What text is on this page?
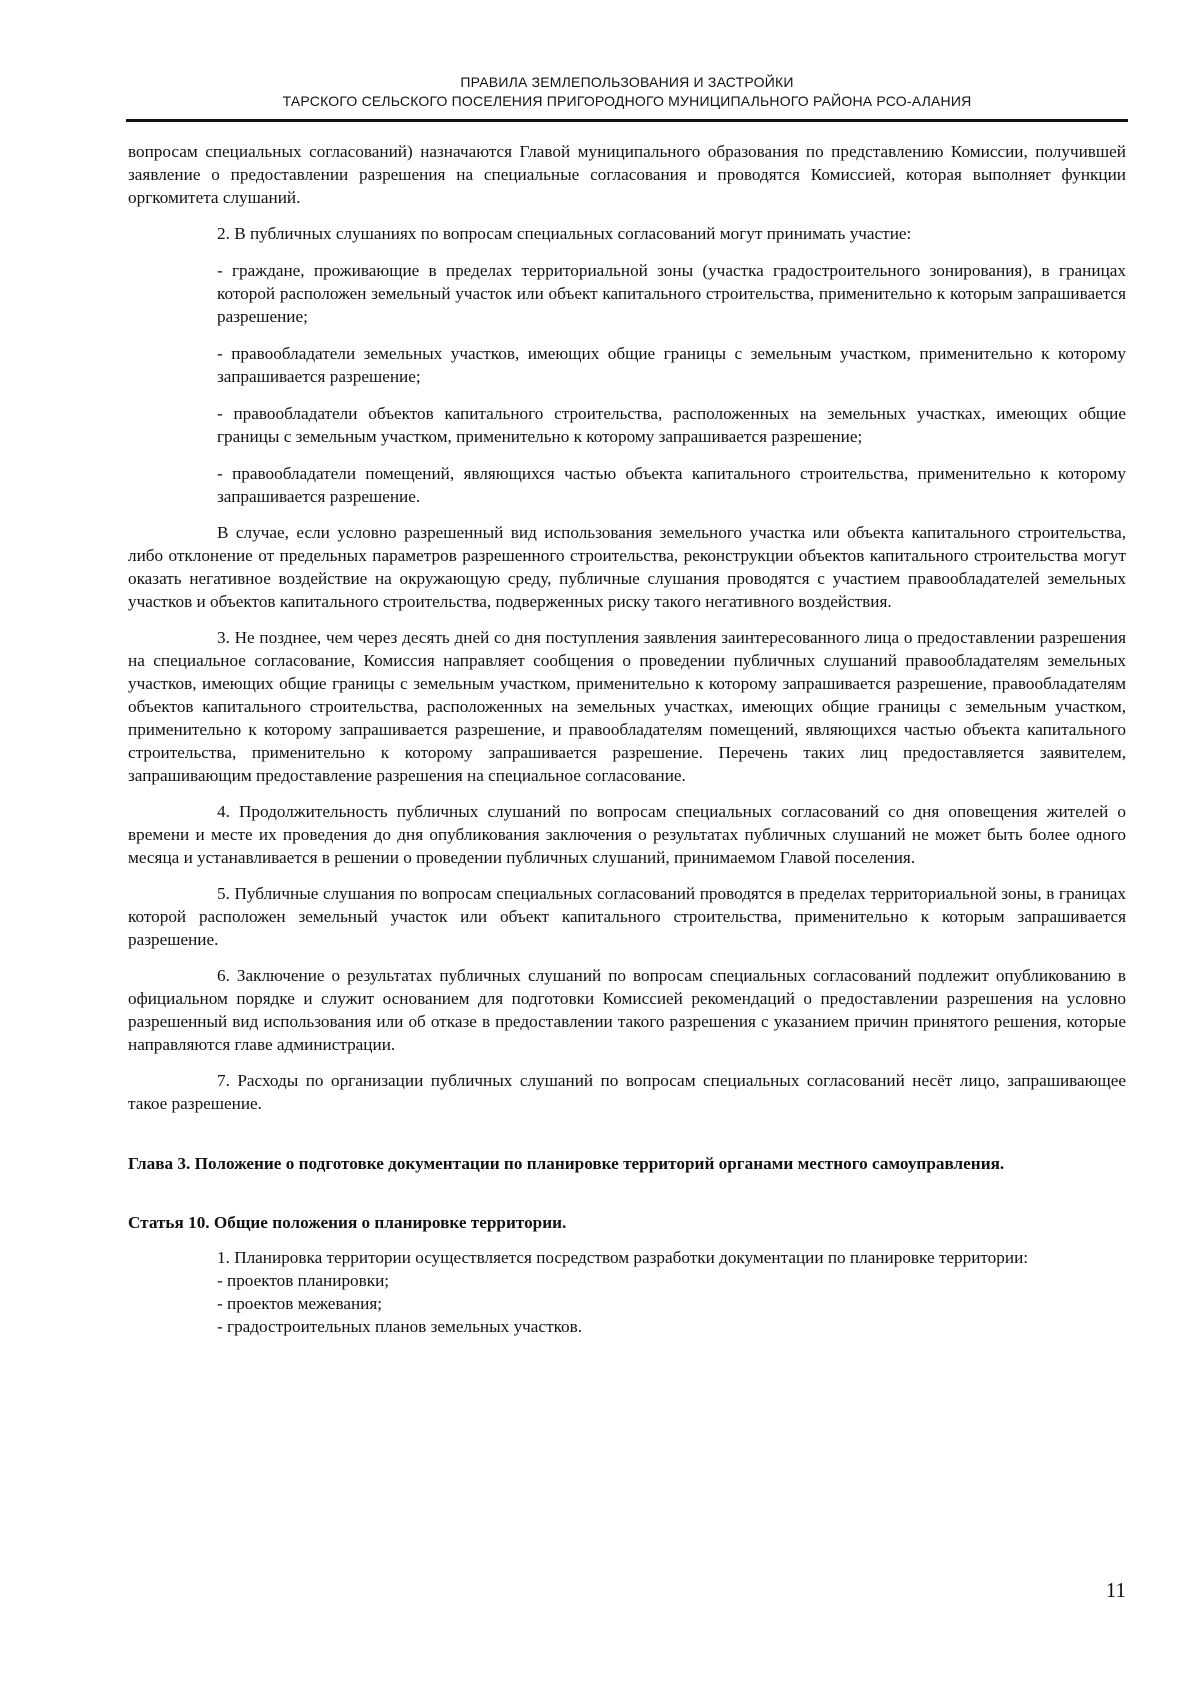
ПРАВИЛА ЗЕМЛЕПОЛЬЗОВАНИЯ И ЗАСТРОЙКИ
ТАРСКОГО СЕЛЬСКОГО ПОСЕЛЕНИЯ ПРИГОРОДНОГО МУНИЦИПАЛЬНОГО РАЙОНА РСО-АЛАНИЯ

вопросам специальных согласований) назначаются Главой муниципального образования по представлению Комиссии, получившей заявление о предоставлении разрешения на специальные согласования и проводятся Комиссией, которая выполняет функции оргкомитета слушаний.

2. В публичных слушаниях по вопросам специальных согласований могут принимать участие:

- граждане, проживающие в пределах территориальной зоны (участка градостроительного зонирования), в границах которой расположен земельный участок или объект капитального строительства, применительно к которым запрашивается разрешение;

- правообладатели земельных участков, имеющих общие границы с земельным участком, применительно к которому запрашивается разрешение;

- правообладатели объектов капитального строительства, расположенных на земельных участках, имеющих общие границы с земельным участком, применительно к которому запрашивается разрешение;

- правообладатели помещений, являющихся частью объекта капитального строительства, применительно к которому запрашивается разрешение.

В случае, если условно разрешенный вид использования земельного участка или объекта капитального строительства, либо отклонение от предельных параметров разрешенного строительства, реконструкции объектов капитального строительства могут оказать негативное воздействие на окружающую среду, публичные слушания проводятся с участием правообладателей земельных участков и объектов капитального строительства, подверженных риску такого негативного воздействия.

3. Не позднее, чем через десять дней со дня поступления заявления заинтересованного лица о предоставлении разрешения на специальное согласование, Комиссия направляет сообщения о проведении публичных слушаний правообладателям земельных участков, имеющих общие границы с земельным участком, применительно к которому запрашивается разрешение, правообладателям объектов капитального строительства, расположенных на земельных участках, имеющих общие границы с земельным участком, применительно к которому запрашивается разрешение, и правообладателям помещений, являющихся частью объекта капитального строительства, применительно к которому запрашивается разрешение. Перечень таких лиц предоставляется заявителем, запрашивающим предоставление разрешения на специальное согласование.

4. Продолжительность публичных слушаний по вопросам специальных согласований со дня оповещения жителей о времени и месте их проведения до дня опубликования заключения о результатах публичных слушаний не может быть более одного месяца и устанавливается в решении о проведении публичных слушаний, принимаемом Главой поселения.

5. Публичные слушания по вопросам специальных согласований проводятся в пределах территориальной зоны, в границах которой расположен земельный участок или объект капитального строительства, применительно к которым запрашивается разрешение.

6. Заключение о результатах публичных слушаний по вопросам специальных согласований подлежит опубликованию в официальном порядке и служит основанием для подготовки Комиссией рекомендаций о предоставлении разрешения на условно разрешенный вид использования или об отказе в предоставлении такого разрешения с указанием причин принятого решения, которые направляются главе администрации.

7. Расходы по организации публичных слушаний по вопросам специальных согласований несёт лицо, запрашивающее такое разрешение.

Глава 3. Положение о подготовке документации по планировке территорий органами местного самоуправления.

Статья 10. Общие положения о планировке территории.

1. Планировка территории осуществляется посредством разработки документации по планировке территории:

- проектов планировки;

- проектов межевания;

- градостроительных планов земельных участков.

11
